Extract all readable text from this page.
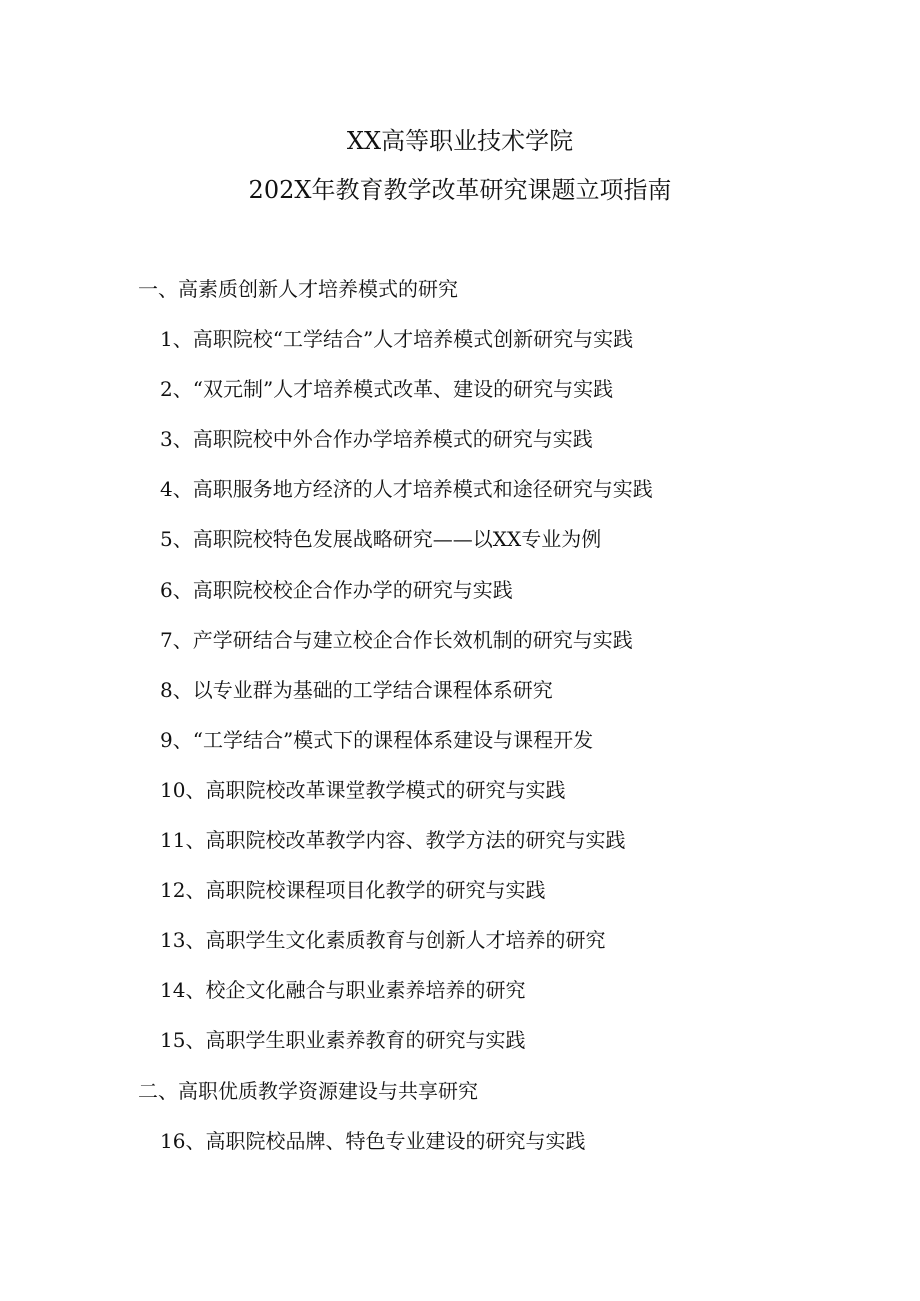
XX高等职业技术学院
202X年教育教学改革研究课题立项指南
一、高素质创新人才培养模式的研究
1、高职院校“工学结合”人才培养模式创新研究与实践
2、“双元制”人才培养模式改革、建设的研究与实践
3、高职院校中外合作办学培养模式的研究与实践
4、高职服务地方经济的人才培养模式和途径研究与实践
5、高职院校特色发展战略研究——以XX专业为例
6、高职院校校企合作办学的研究与实践
7、产学研结合与建立校企合作长效机制的研究与实践
8、以专业群为基础的工学结合课程体系研究
9、“工学结合”模式下的课程体系建设与课程开发
10、高职院校改革课堂教学模式的研究与实践
11、高职院校改革教学内容、教学方法的研究与实践
12、高职院校课程项目化教学的研究与实践
13、高职学生文化素质教育与创新人才培养的研究
14、校企文化融合与职业素养培养的研究
15、高职学生职业素养教育的研究与实践
二、高职优质教学资源建设与共享研究
16、高职院校品牌、特色专业建设的研究与实践
